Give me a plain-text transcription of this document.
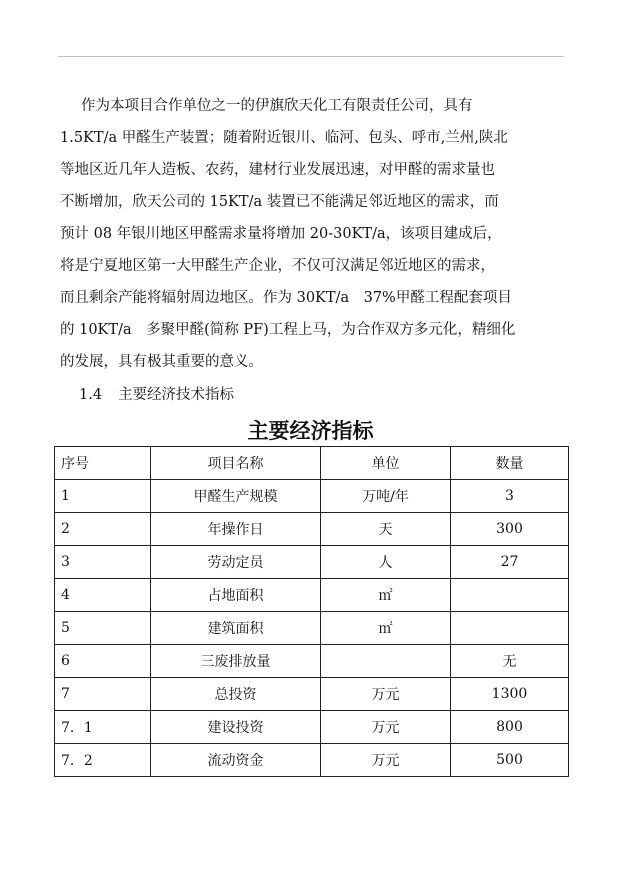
作为本项目合作单位之一的伊旗欣天化工有限责任公司，具有
1.5KT/a 甲醛生产装置；随着附近银川、临河、包头、呼市,兰州,陕北
等地区近几年人造板、农药，建材行业发展迅速，对甲醛的需求量也
不断增加，欣天公司的 15KT/a 装置已不能满足邻近地区的需求，而
预计 08 年银川地区甲醛需求量将增加 20-30KT/a，该项目建成后，
将是宁夏地区第一大甲醛生产企业，不仅可汉满足邻近地区的需求，
而且剩余产能将辐射周边地区。作为 30KT/a　37%甲醛工程配套项目
的 10KT/a　多聚甲醛(简称 PF)工程上马，为合作双方多元化，精细化
的发展，具有极其重要的意义。
1.4 主要经济技术指标
主要经济指标
序号	项目名称	单位	数量
1	甲醛生产规模	万吨/年	3
2	年操作日	天	300
3	劳动定员	人	27
4	占地面积	㎡	
5	建筑面积	㎡	
6	三废排放量		无
7	总投资	万元	1300
7．1	建设投资	万元	800
7．2	流动资金	万元	500
